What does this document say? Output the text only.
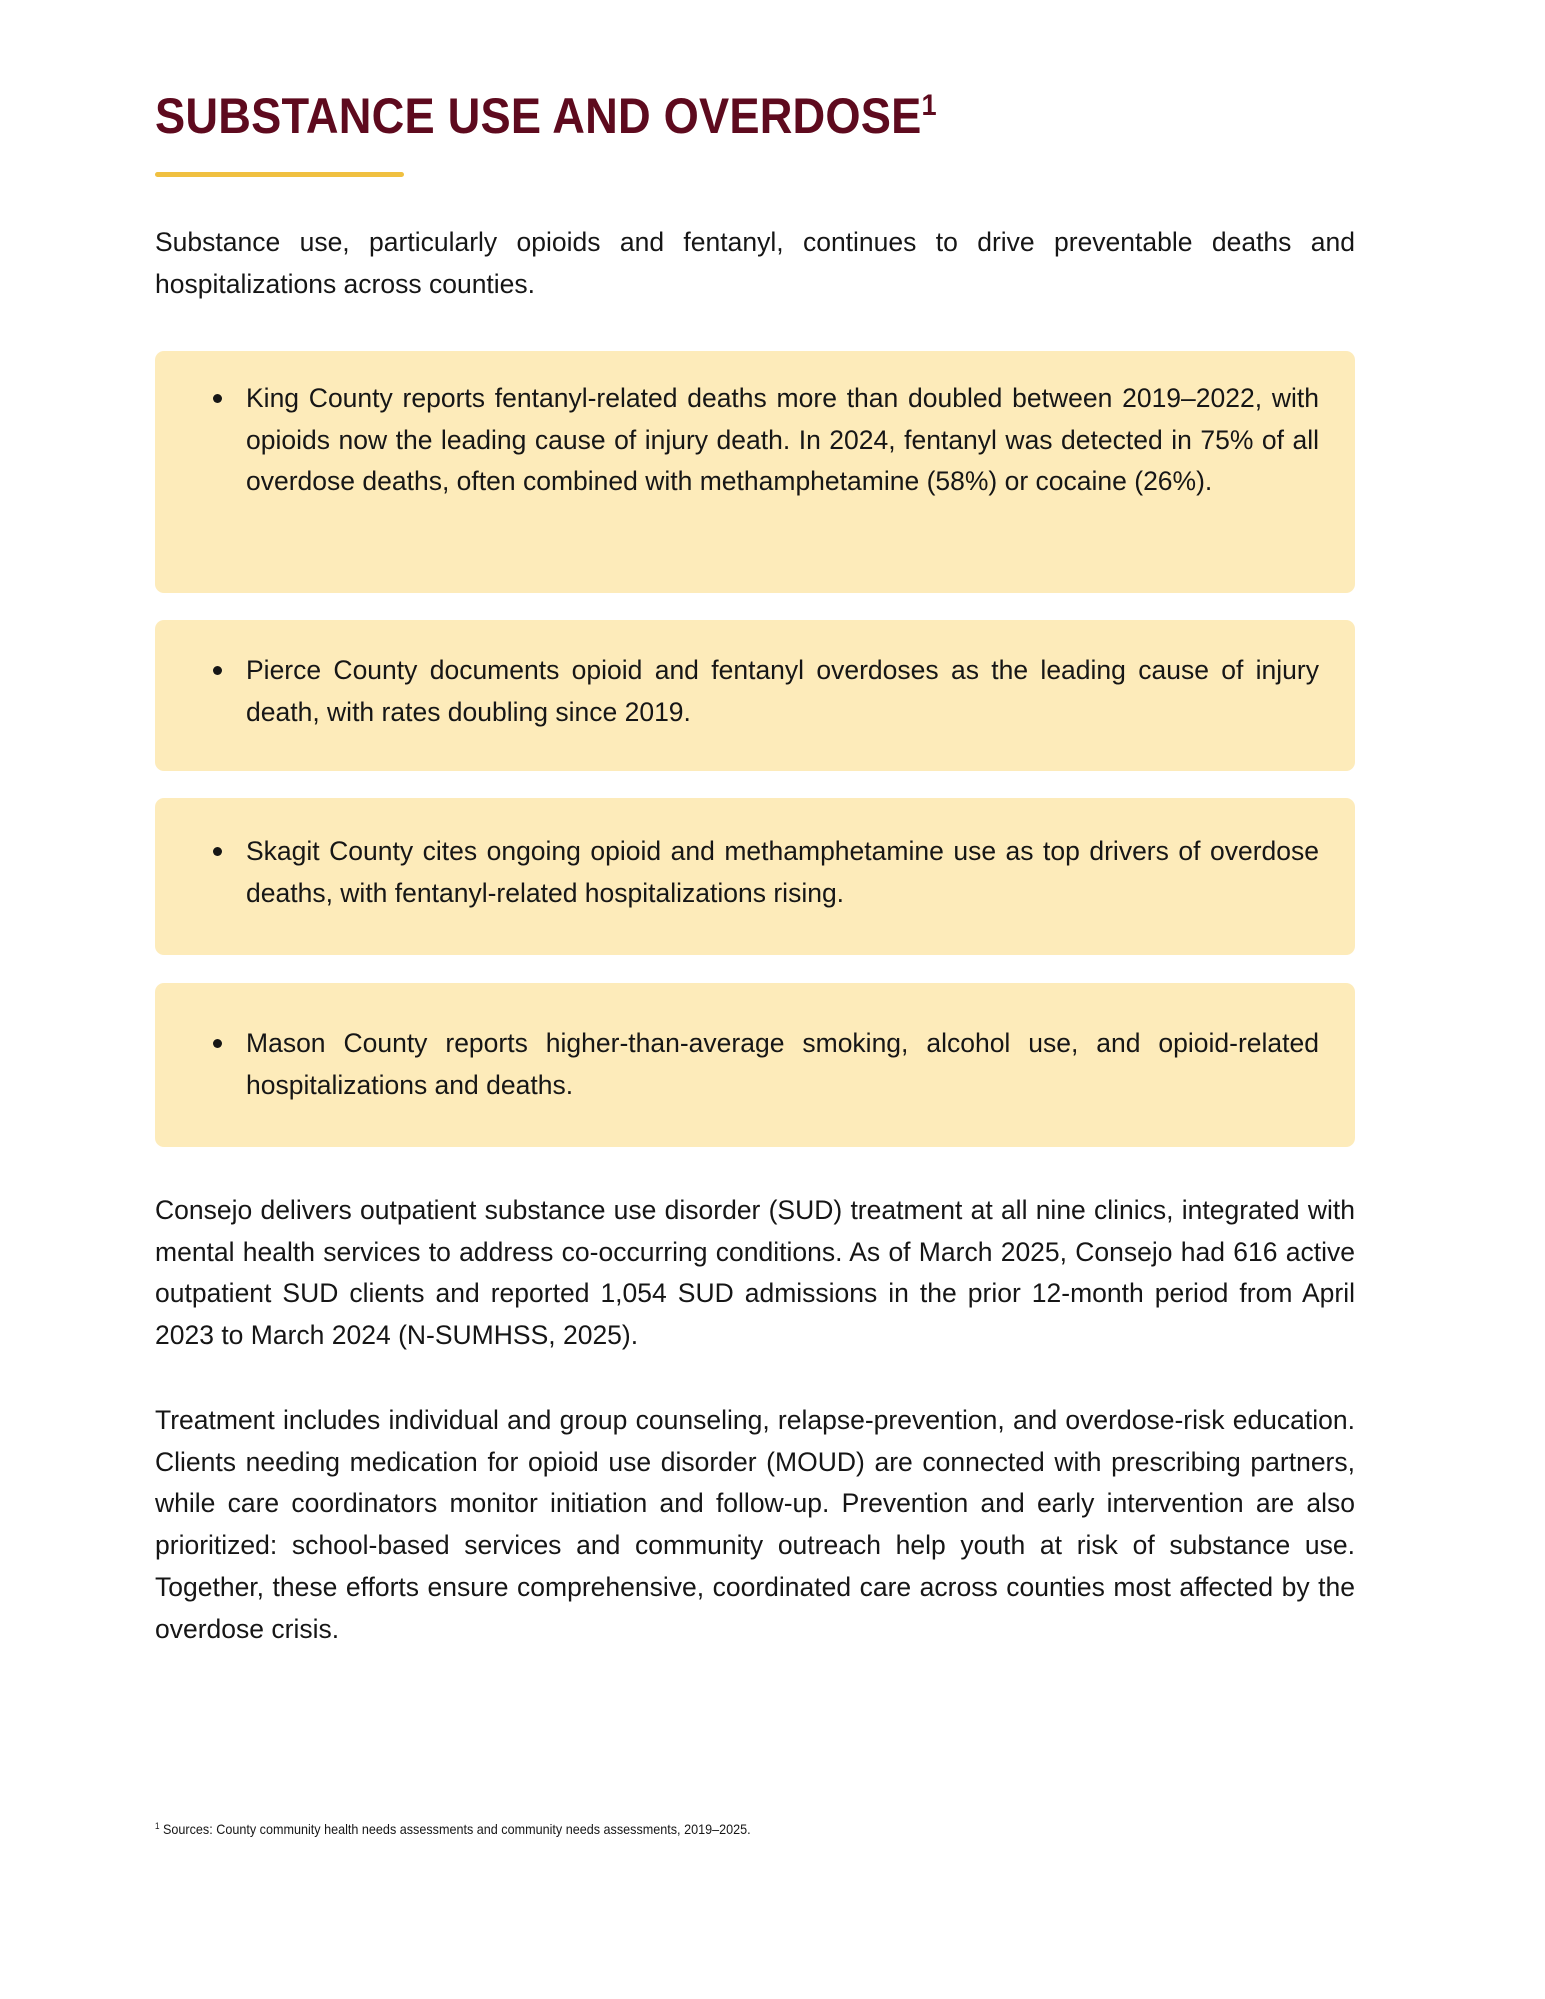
SUBSTANCE USE AND OVERDOSE$^1$

Substance use, particularly opioids and fentanyl, continues to drive preventable deaths and hospitalizations across counties.

King County reports fentanyl-related deaths more than doubled between 2019–2022, with opioids now the leading cause of injury death. In 2024, fentanyl was detected in 75% of all overdose deaths, often combined with methamphetamine (58%) or cocaine (26%).
Pierce County documents opioid and fentanyl overdoses as the leading cause of injury death, with rates doubling since 2019.
Skagit County cites ongoing opioid and methamphetamine use as top drivers of overdose deaths, with fentanyl-related hospitalizations rising.
Mason County reports higher-than-average smoking, alcohol use, and opioid-related hospitalizations and deaths.

Consejo delivers outpatient substance use disorder (SUD) treatment at all nine clinics, integrated with mental health services to address co-occurring conditions. As of March 2025, Consejo had 616 active outpatient SUD clients and reported 1,054 SUD admissions in the prior 12-month period from April 2023 to March 2024 (N-SUMHSS, 2025).

Treatment includes individual and group counseling, relapse-prevention, and overdose-risk education. Clients needing medication for opioid use disorder (MOUD) are connected with prescribing partners, while care coordinators monitor initiation and follow-up. Prevention and early intervention are also prioritized: school-based services and community outreach help youth at risk of substance use. Together, these efforts ensure comprehensive, coordinated care across counties most affected by the overdose crisis.

$^1$ Sources: County community health needs assessments and community needs assessments, 2019–2025.
